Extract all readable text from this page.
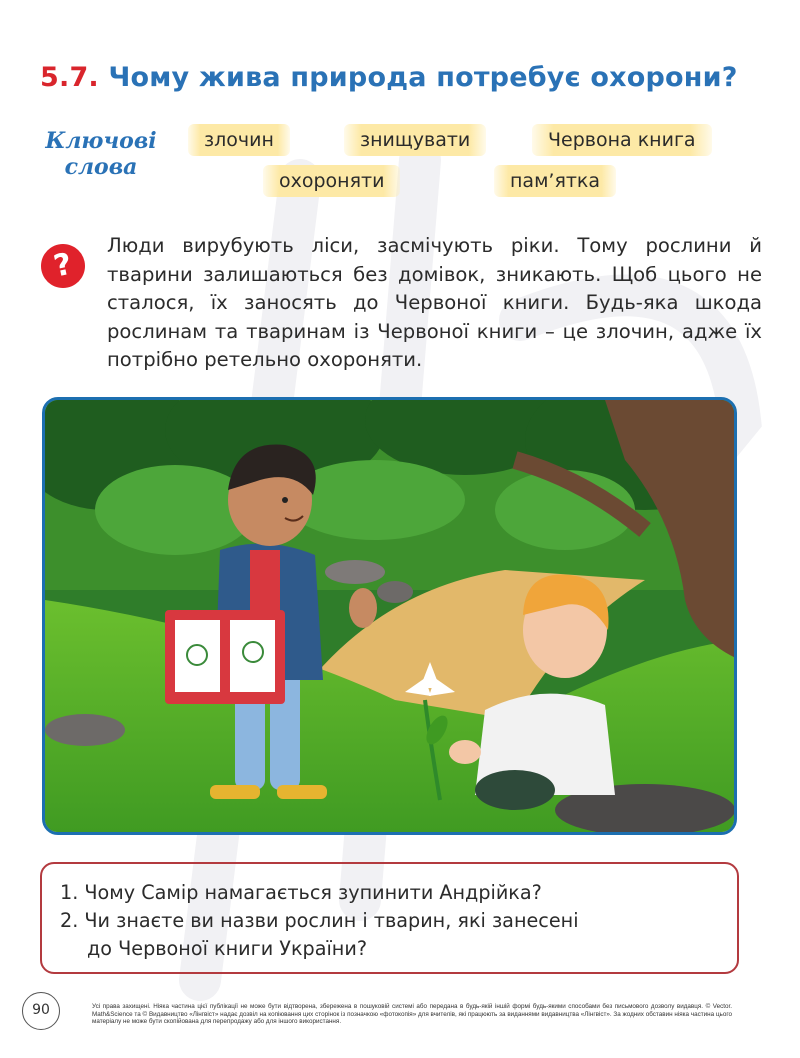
5.7. Чому жива природа потребує охорони?
Ключові
слова
злочин	знищувати	Червона книга
охороняти	пам’ятка
?
Люди вирубують ліси, засмічують ріки. Тому рослини й тварини залишаються без домівок, зникають. Щоб цього не сталося, їх заносять до Червоної книги. Будь-яка шкода рослинам та тваринам із Червоної книги – це злочин, адже їх потрібно ретельно охороняти.
1. Чому Самір намагається зупинити Андрійка?
2. Чи знаєте ви назви рослин і тварин, які занесені
до Червоної книги України?
90	Усі права захищені. Ніяка частина цієї публікації не може бути відтворена, збережена в пошуковій системі або передана в будь-якій іншій формі будь-якими способами без письмового дозволу видавця. © Vector. Math&Science та © Видавництво «Лінгвіст» надає дозвіл на копіювання цих сторінок із позначкою «фотокопія» для вчителів, які працюють за виданнями видавництва «Лінгвіст». За жодних обставин ніяка частина цього матеріалу не може бути скопійована для перепродажу або для іншого використання.
